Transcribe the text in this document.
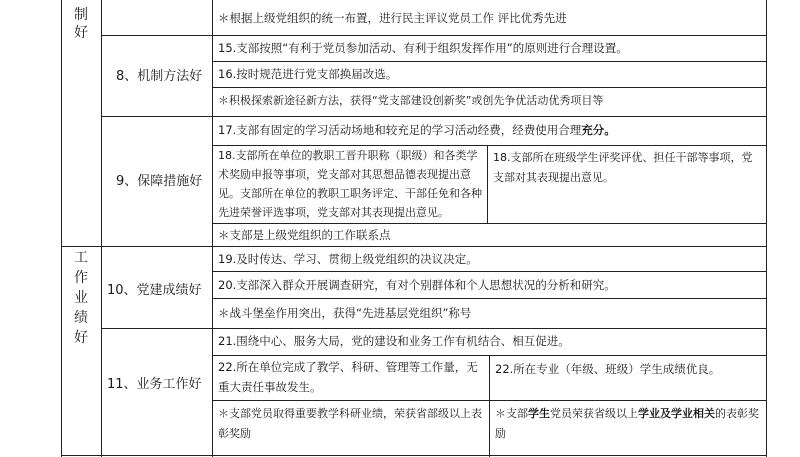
制 好
工 作 业 绩 好
＊根据上级党组织的统一布置，进行民主评议党员工作 评比优秀先进
8、机制方法好
15.支部按照“有利于党员参加活动、有利于组织发挥作用”的原则进行合理设置。
16.按时规范进行党支部换届改选。
＊积极探索新途径新方法，获得“党支部建设创新奖”或创先争优活动优秀项目等
9、保障措施好
17.支部有固定的学习活动场地和较充足的学习活动经费，经费使用合理充分。
18.支部所在单位的教职工晋升职称（职级）和各类学术奖励申报等事项，党支部对其思想品德表现提出意见。支部所在单位的教职工职务评定、干部任免和各种先进荣誉评选事项，党支部对其表现提出意见。
18.支部所在班级学生评奖评优、担任干部等事项，党支部对其表现提出意见。
＊支部是上级党组织的工作联系点
10、党建成绩好
19.及时传达、学习、贯彻上级党组织的决议决定。
20.支部深入群众开展调查研究，有对个别群体和个人思想状况的分析和研究。
＊战斗堡垒作用突出，获得“先进基层党组织”称号
11、业务工作好
21.围绕中心、服务大局，党的建设和业务工作有机结合、相互促进。
22.所在单位完成了教学、科研、管理等工作量，无重大责任事故发生。
22.所在专业（年级、班级）学生成绩优良。
＊支部党员取得重要教学科研业绩，荣获省部级以上表彰奖励
＊支部学生党员荣获省级以上学业及学业相关的表彰奖励
